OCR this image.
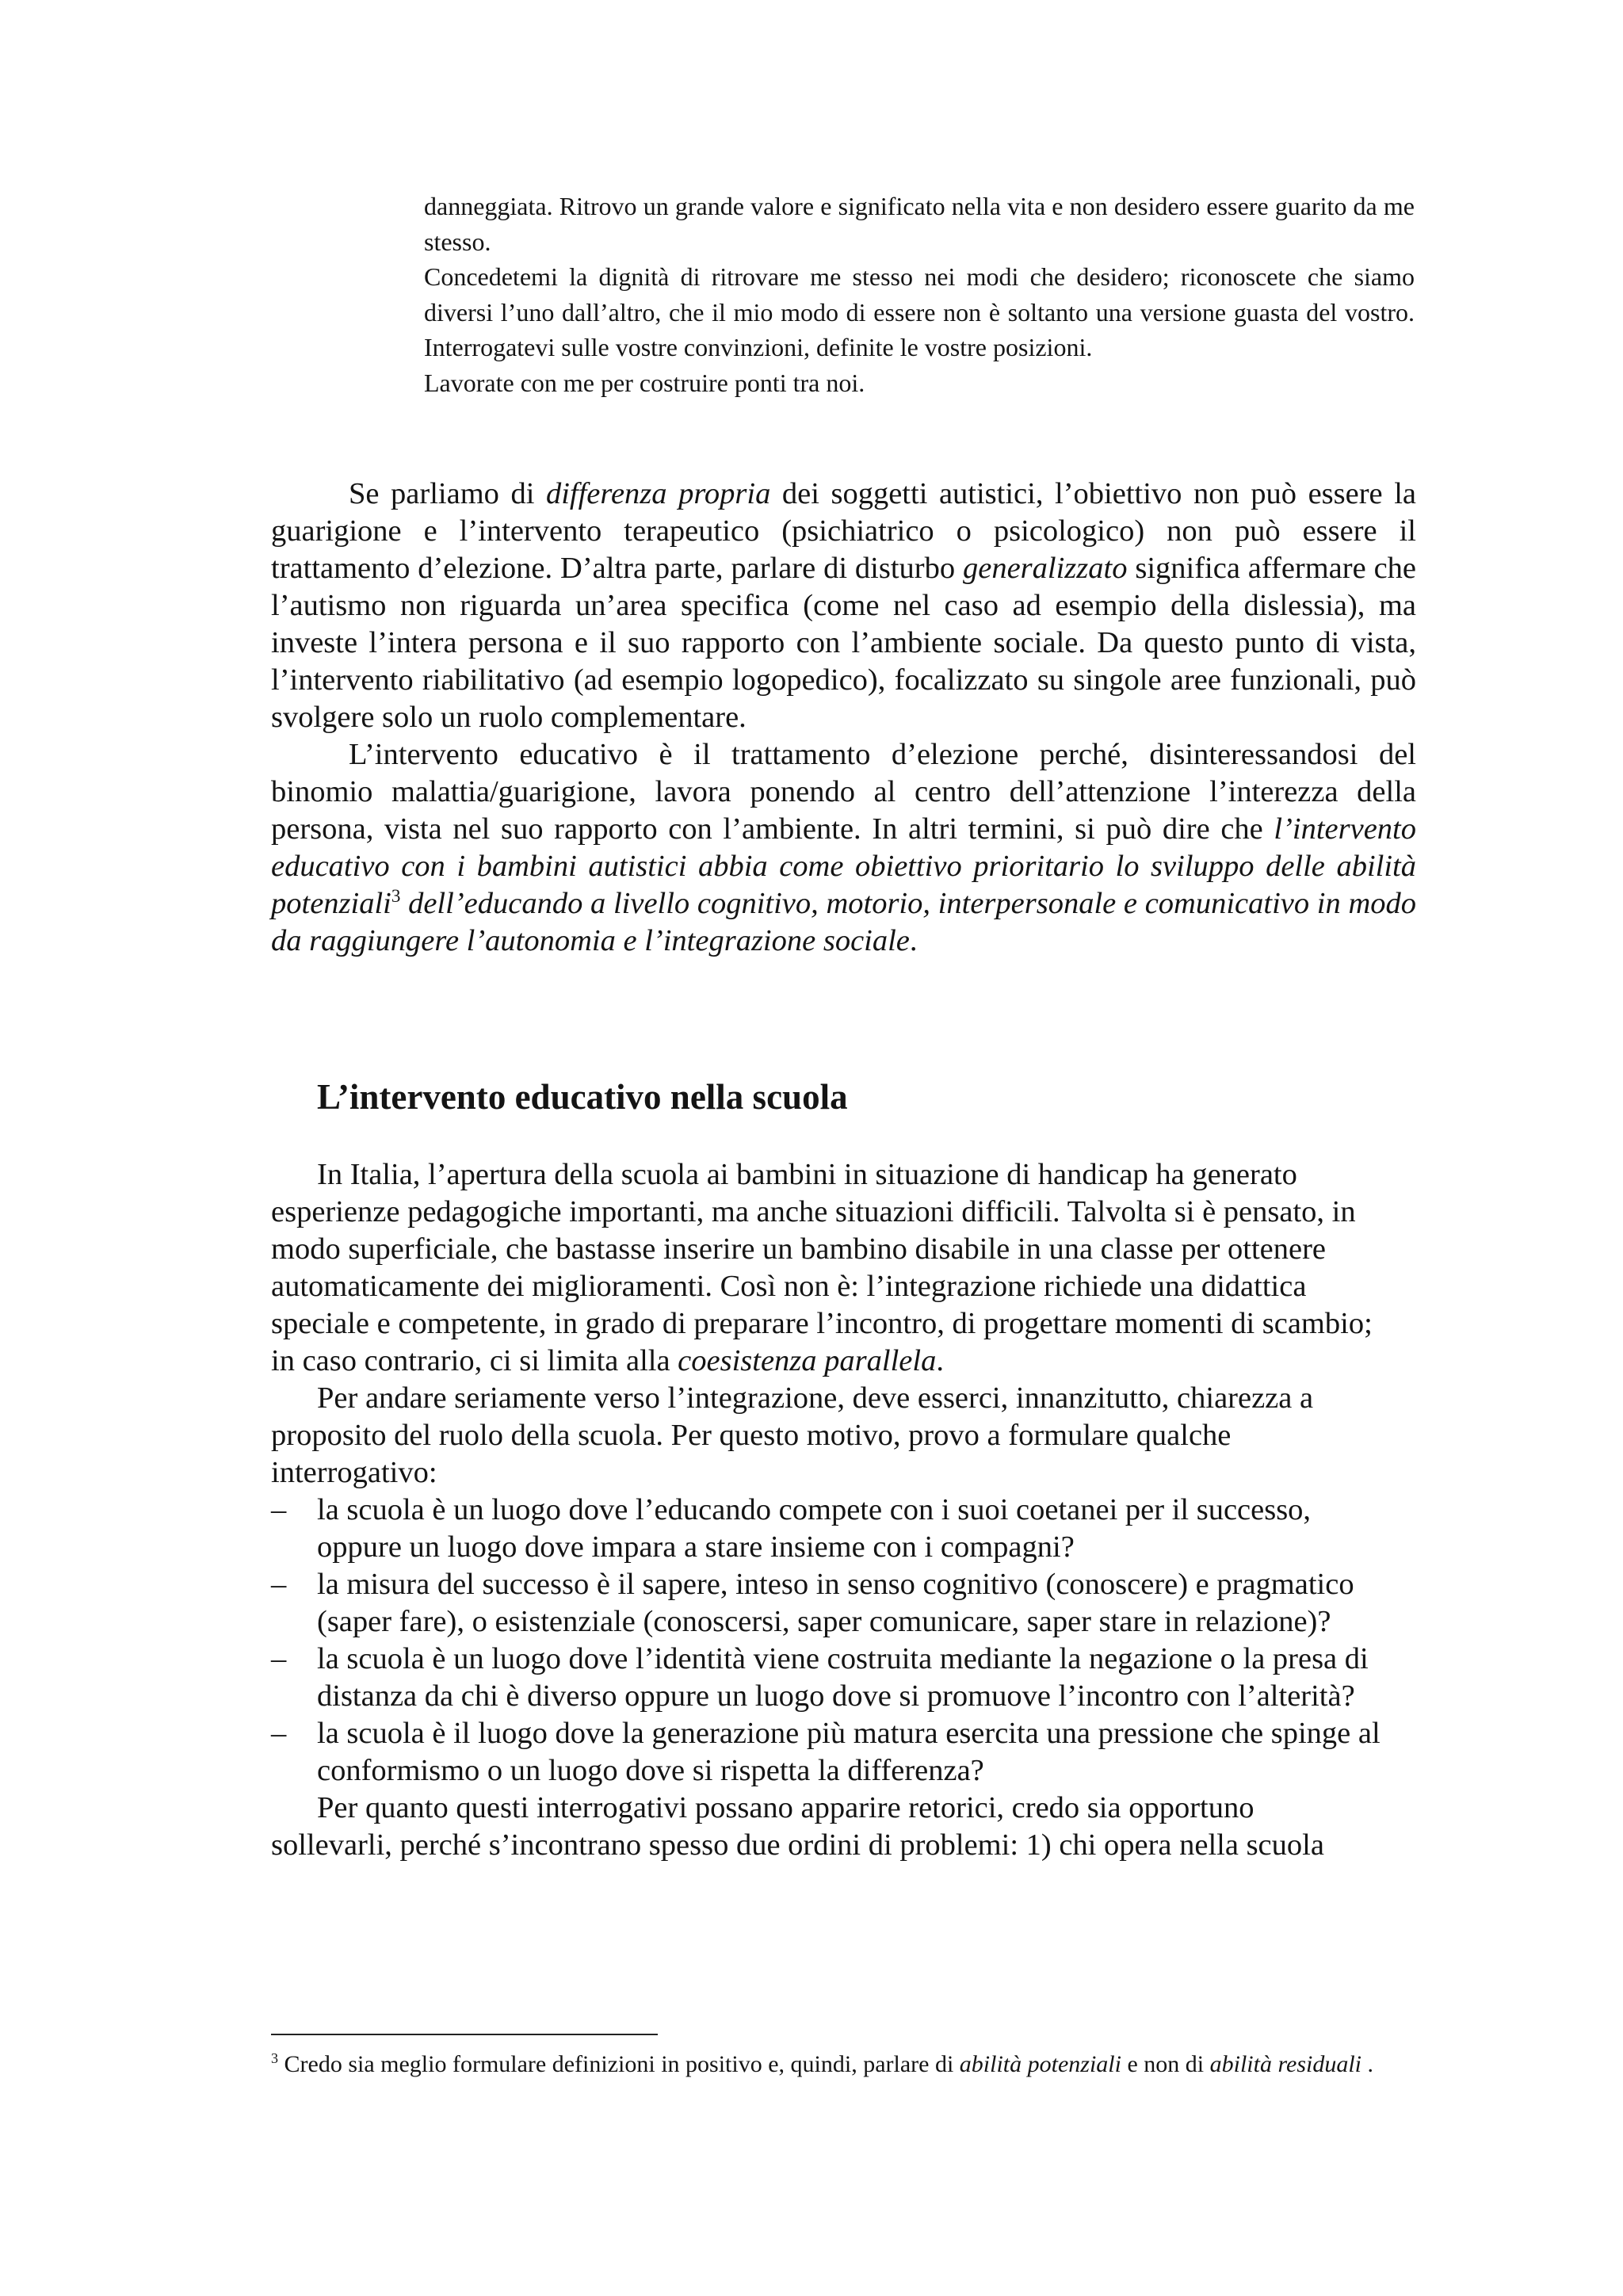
danneggiata. Ritrovo un grande valore e significato nella vita e non desidero essere guarito da me stesso.

Concedetemi la dignità di ritrovare me stesso nei modi che desidero; riconoscete che siamo diversi l’uno dall’altro, che il mio modo di essere non è soltanto una versione guasta del vostro. Interrogatevi sulle vostre convinzioni, definite le vostre posizioni.

Lavorate con me per costruire ponti tra noi.

Se parliamo di differenza propria dei soggetti autistici, l’obiettivo non può essere la guarigione e l’intervento terapeutico (psichiatrico o psicologico) non può essere il trattamento d’elezione. D’altra parte, parlare di disturbo generalizzato significa affermare che l’autismo non riguarda un’area specifica (come nel caso ad esempio della dislessia), ma investe l’intera persona e il suo rapporto con l’ambiente sociale. Da questo punto di vista, l’intervento riabilitativo (ad esempio logopedico), focalizzato su singole aree funzionali, può svolgere solo un ruolo complementare.

L’intervento educativo è il trattamento d’elezione perché, disinteressandosi del binomio malattia/guarigione, lavora ponendo al centro dell’attenzione l’interezza della persona, vista nel suo rapporto con l’ambiente. In altri termini, si può dire che l’intervento educativo con i bambini autistici abbia come obiettivo prioritario lo sviluppo delle abilità potenziali$^3$ dell’educando a livello cognitivo, motorio, interpersonale e comunicativo in modo da raggiungere l’autonomia e l’integrazione sociale.

L’intervento educativo nella scuola

In Italia, l’apertura della scuola ai bambini in situazione di handicap ha generato esperienze pedagogiche importanti, ma anche situazioni difficili. Talvolta si è pensato, in modo superficiale, che bastasse inserire un bambino disabile in una classe per ottenere automaticamente dei miglioramenti. Così non è: l’integrazione richiede una didattica speciale e competente, in grado di preparare l’incontro, di progettare momenti di scambio; in caso contrario, ci si limita alla coesistenza parallela.

Per andare seriamente verso l’integrazione, deve esserci, innanzitutto, chiarezza a proposito del ruolo della scuola. Per questo motivo, provo a formulare qualche interrogativo:

– la scuola è un luogo dove l’educando compete con i suoi coetanei per il successo, oppure un luogo dove impara a stare insieme con i compagni?
– la misura del successo è il sapere, inteso in senso cognitivo (conoscere) e pragmatico (saper fare), o esistenziale (conoscersi, saper comunicare, saper stare in relazione)?
– la scuola è un luogo dove l’identità viene costruita mediante la negazione o la presa di distanza da chi è diverso oppure un luogo dove si promuove l’incontro con l’alterità?
– la scuola è il luogo dove la generazione più matura esercita una pressione che spinge al conformismo o un luogo dove si rispetta la differenza?

Per quanto questi interrogativi possano apparire retorici, credo sia opportuno sollevarli, perché s’incontrano spesso due ordini di problemi: 1) chi opera nella scuola

$^3$ Credo sia meglio formulare definizioni in positivo e, quindi, parlare di abilità potenziali e non di abilità residuali .
